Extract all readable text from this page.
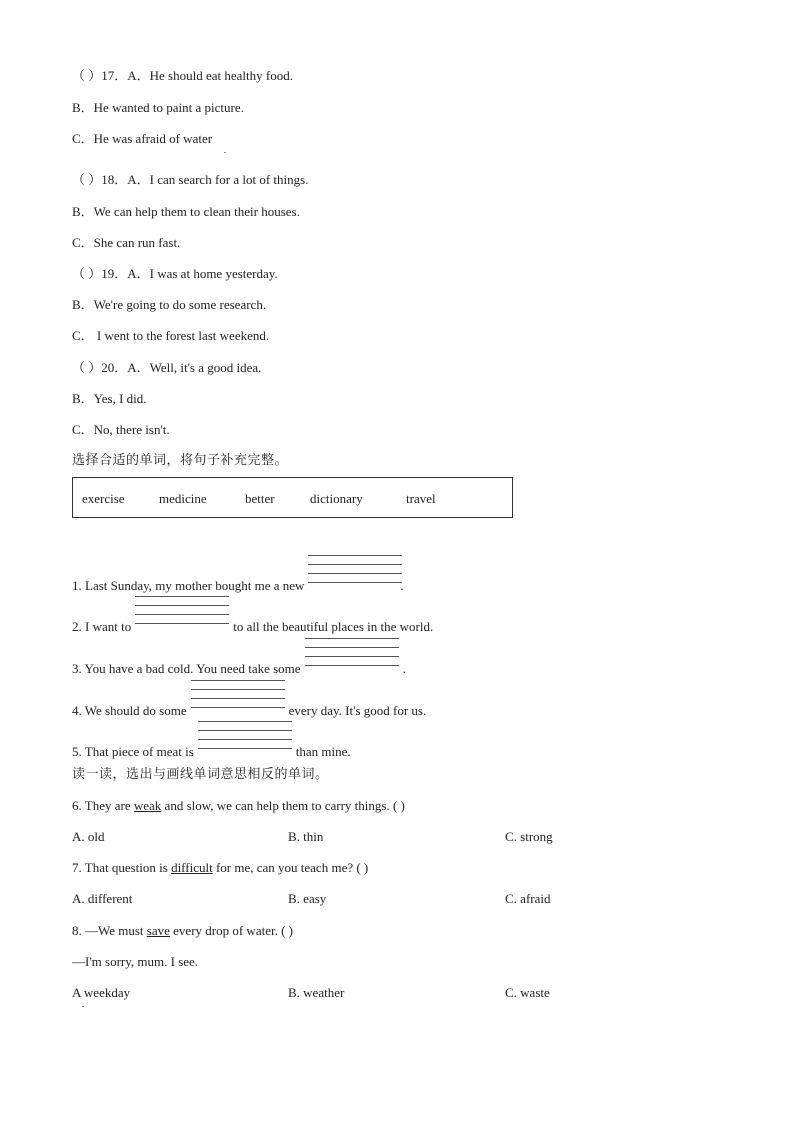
（ ）17．A．He should eat healthy food.
B．He wanted to paint a picture.
C．He was afraid of water
（ ）18．A．I can search for a lot of things.
B．We can help them to clean their houses.
C．She can run fast.
（ ）19．A．I was at home yesterday.
B．We're going to do some research.
C． I went to the forest last weekend.
（ ）20．A．Well, it's a good idea.
B．Yes, I did.
C．No, there isn't.
选择合适的单词，将句子补充完整。
exercise	medicine	better	dictionary	travel
1. Last Sunday, my mother bought me a new	.
2. I want to	to all the beautiful places in the world.
3. You have a bad cold. You need take some	.
4. We should do some	every day. It's good for us.
5. That piece of meat is	than mine.
读一读，选出与画线单词意思相反的单词。
6. They are weak and slow, we can help them to carry things. ( )
A. old	B. thin	C. strong
7. That question is difficult for me, can you teach me? ( )
A. different	B. easy	C. afraid
8. —We must save every drop of water. ( )
—I'm sorry, mum. I see.
A weekday	B. weather	C. waste
